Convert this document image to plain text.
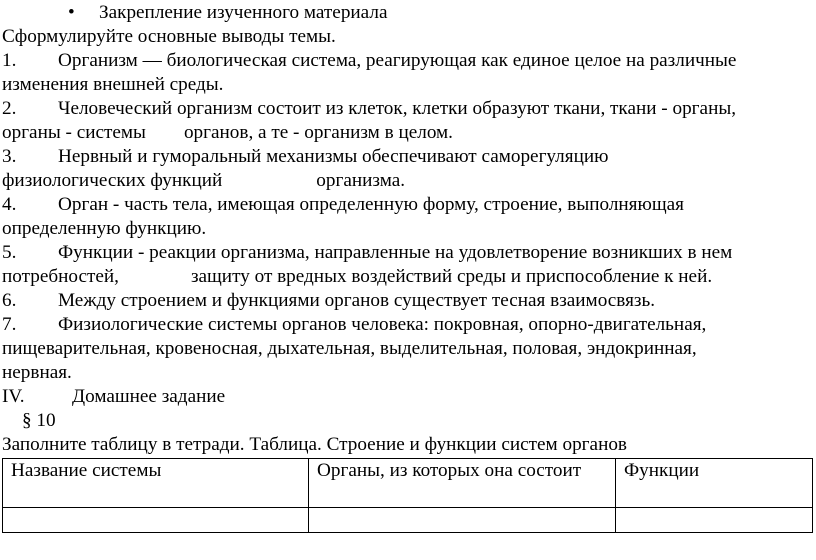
•	Закрепление изученного материала
Сформулируйте основные выводы темы.
1. Организм — биологическая система, реагирующая как единое целое на различные
изменения внешней среды.
2. Человеческий организм состоит из клеток, клетки образуют ткани, ткани - органы,
органы - системы органов, а те - организм в целом.
3. Нервный и гуморальный механизмы обеспечивают саморегуляцию
физиологических функций	организма.
4. Орган - часть тела, имеющая определенную форму, строение, выполняющая
определенную функцию.
5. Функции - реакции организма, направленные на удовлетворение возникших в нем
потребностей,	защиту от вредных воздействий среды и приспособление к ней.
6. Между строением и функциями органов существует тесная взаимосвязь.
7. Физиологические системы органов человека: покровная, опорно-двигательная,
пищеварительная, кровеносная, дыхательная, выделительная, половая, эндокринная,
нервная.
IV. Домашнее задание
§ 10
Заполните таблицу в тетради. Таблица. Строение и функции систем органов
Название системы	Органы, из которых она состоит	Функции
